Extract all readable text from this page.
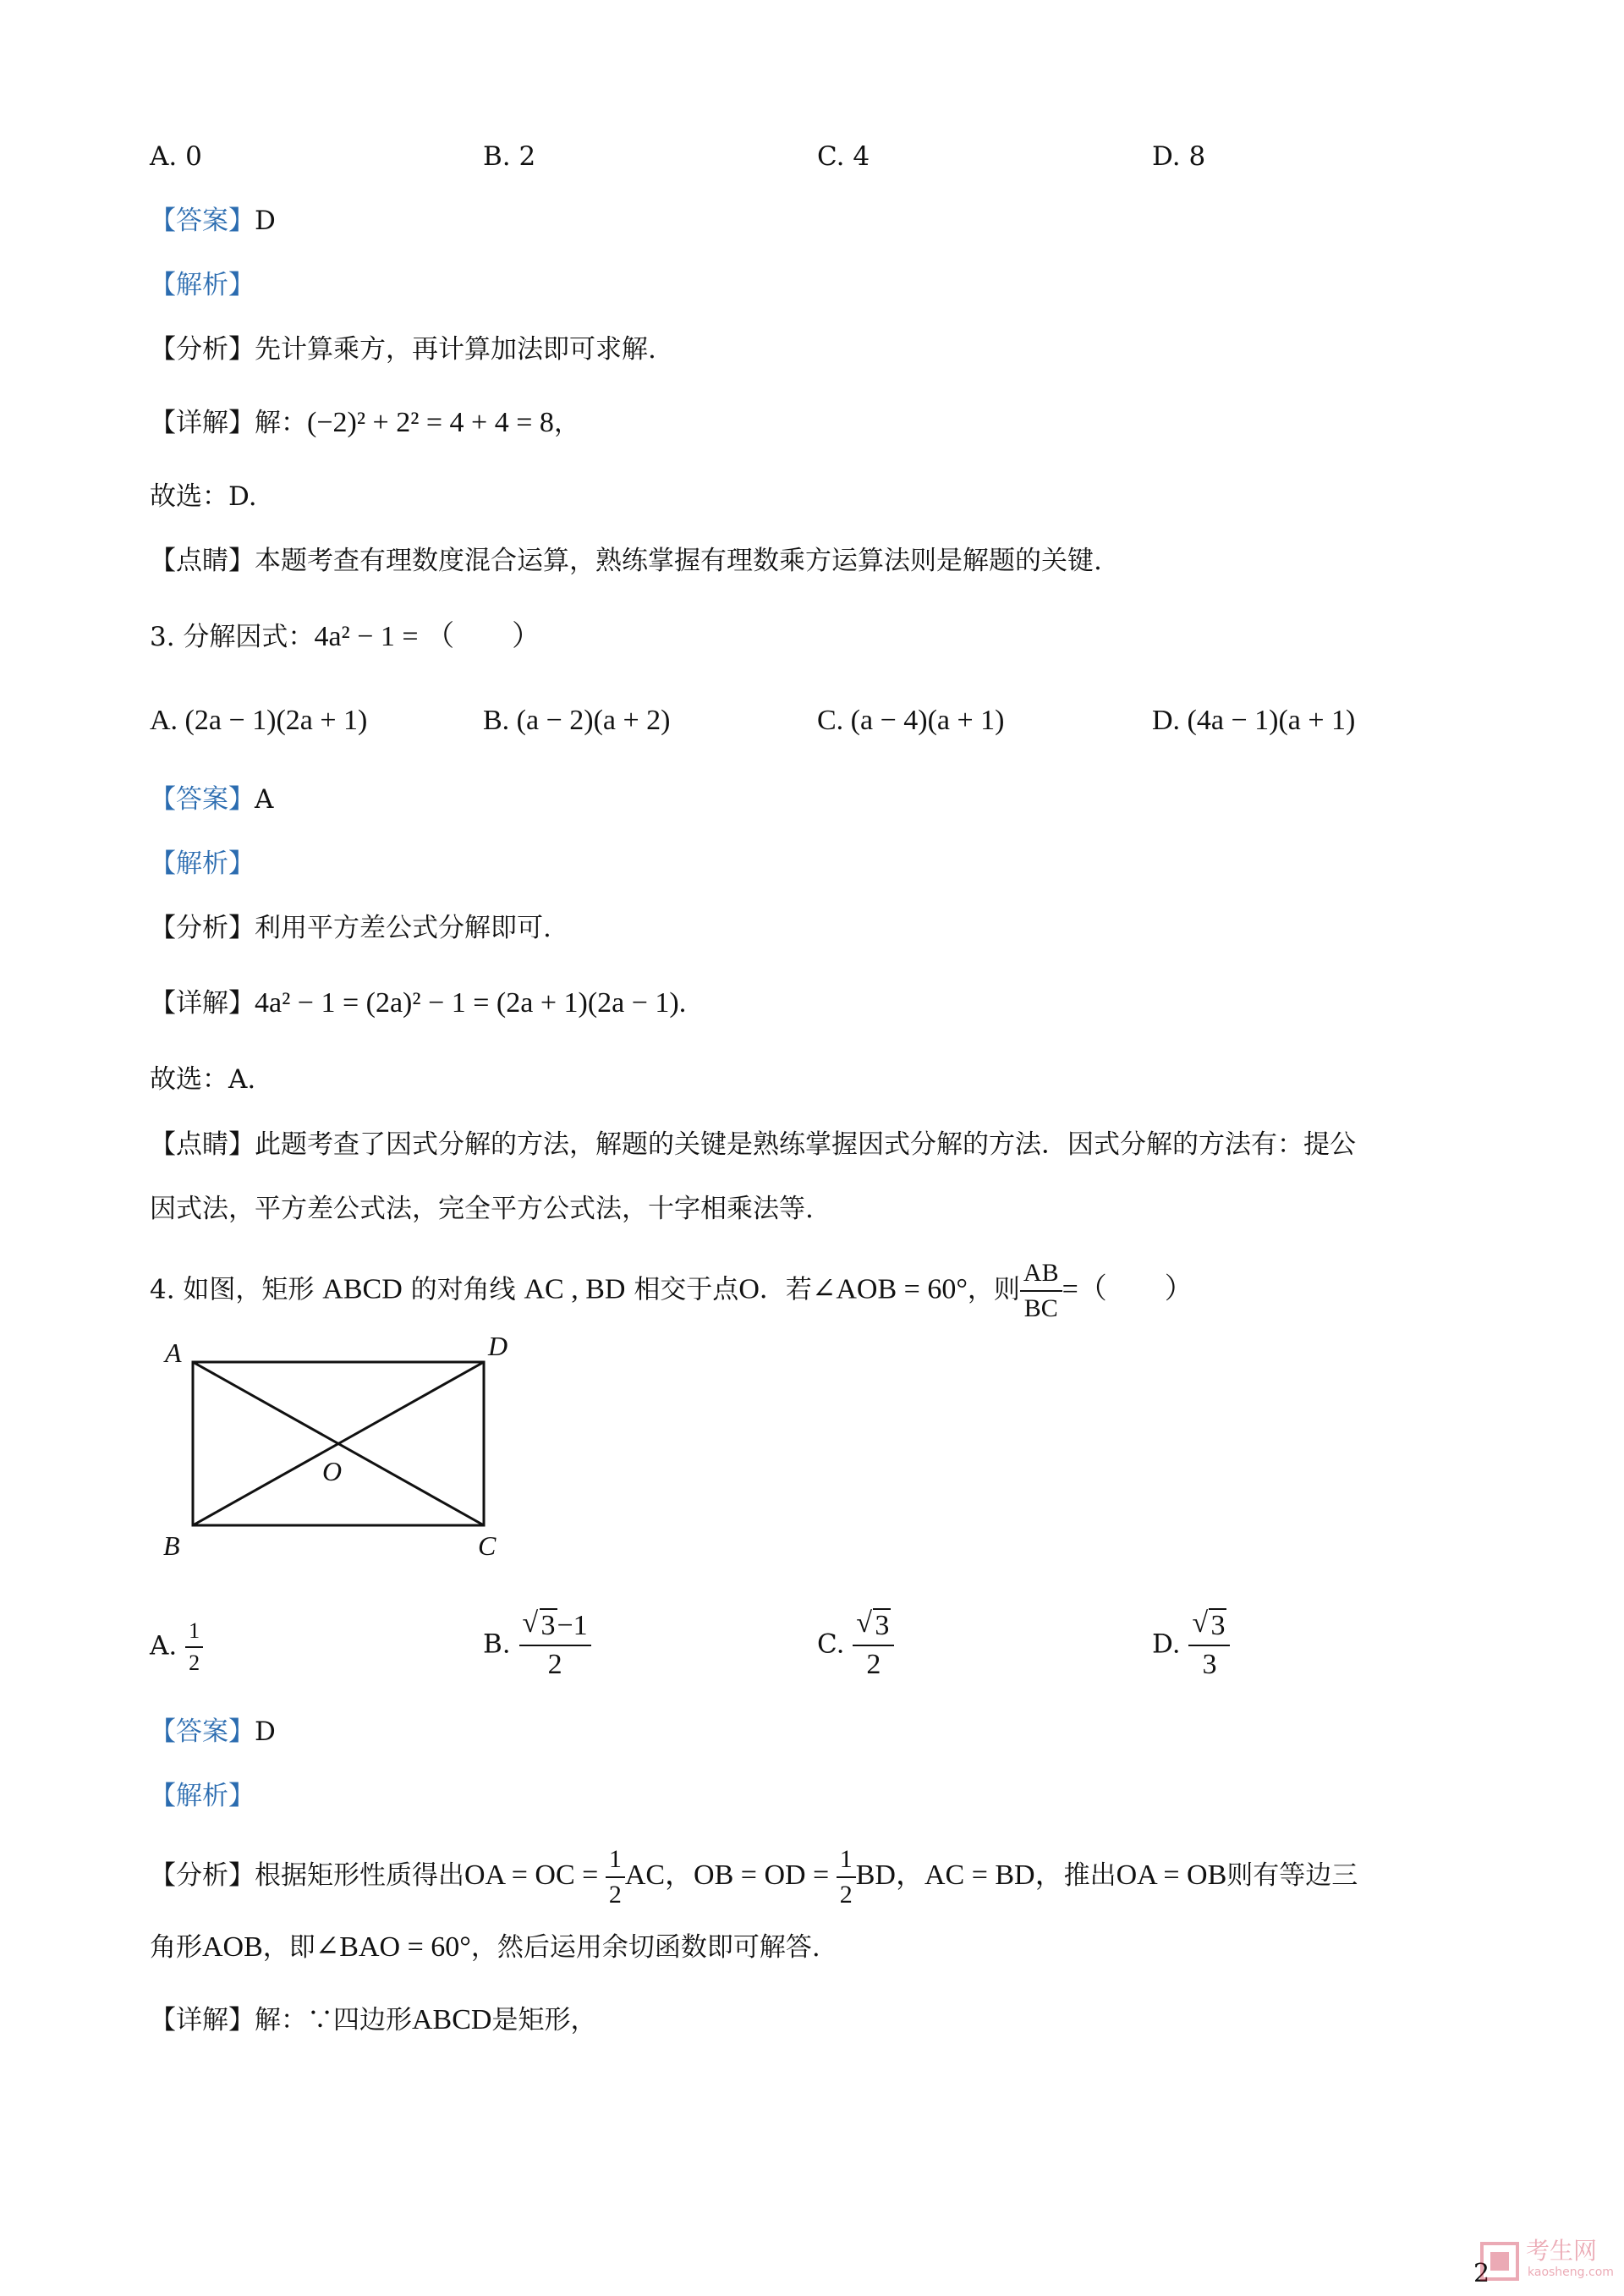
A. 0	B. 2	C. 4	D. 8
【答案】D
【解析】
【分析】先计算乘方，再计算加法即可求解.
【详解】解：(−2)² + 2² = 4 + 4 = 8，
故选：D.
【点睛】本题考查有理数度混合运算，熟练掌握有理数乘方运算法则是解题的关键.
3. 分解因式：4a² − 1 = （　　）
A. (2a − 1)(2a + 1)	B. (a − 2)(a + 2)	C. (a − 4)(a + 1)	D. (4a − 1)(a + 1)
【答案】A
【解析】
【分析】利用平方差公式分解即可.
【详解】4a² − 1 = (2a)² − 1 = (2a + 1)(2a − 1).
故选：A.
【点睛】此题考查了因式分解的方法，解题的关键是熟练掌握因式分解的方法．因式分解的方法有：提公
因式法，平方差公式法，完全平方公式法，十字相乘法等.
4. 如图，矩形 ABCD 的对角线 AC , BD 相交于点O．若∠AOB = 60°，则 $\frac{AB}{BC}$ =（　　）
A	D
B	C
O
A. $\frac{1}{2}$	B. √ $\frac{3-1}{2}$	C. √ $\frac{3}{2}$	D. √ $\frac{3}{3}$
【答案】D
【解析】
【分析】根据矩形性质得出OA = OC = $\frac{1}{2}$ AC，OB = OD = $\frac{1}{2}$ BD，AC = BD，推出OA = OB则有等边三
角形AOB，即∠BAO = 60°，然后运用余切函数即可解答.
【详解】解：∵四边形ABCD是矩形，
2
考生网
kaosheng.com
